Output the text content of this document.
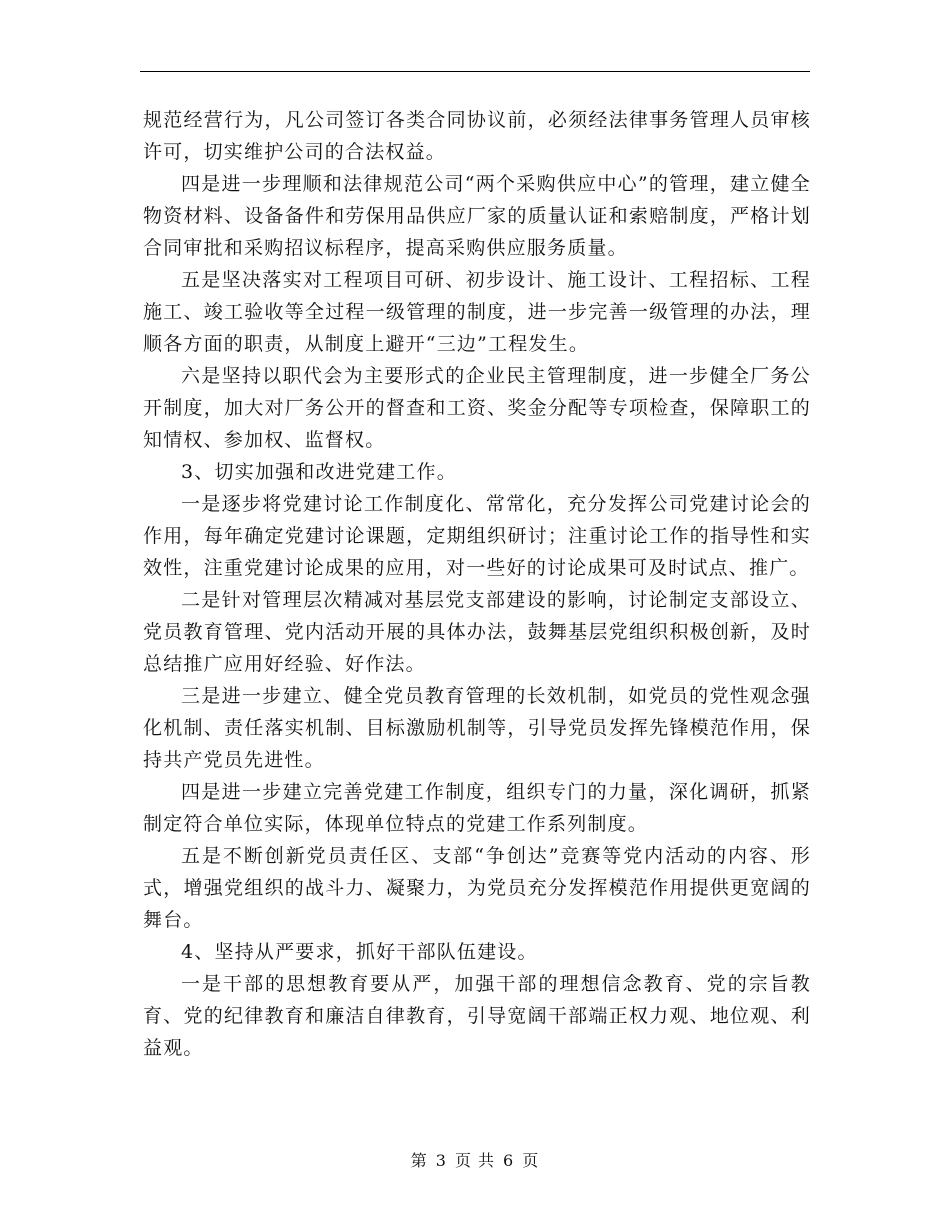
规范经营行为，凡公司签订各类合同协议前，必须经法律事务管理人员审核许可，切实维护公司的合法权益。

四是进一步理顺和法律规范公司“两个采购供应中心”的管理，建立健全物资材料、设备备件和劳保用品供应厂家的质量认证和索赔制度，严格计划合同审批和采购招议标程序，提高采购供应服务质量。

五是坚决落实对工程项目可研、初步设计、施工设计、工程招标、工程施工、竣工验收等全过程一级管理的制度，进一步完善一级管理的办法，理顺各方面的职责，从制度上避开“三边”工程发生。

六是坚持以职代会为主要形式的企业民主管理制度，进一步健全厂务公开制度，加大对厂务公开的督查和工资、奖金分配等专项检查，保障职工的知情权、参加权、监督权。

3、切实加强和改进党建工作。

一是逐步将党建讨论工作制度化、常常化，充分发挥公司党建讨论会的作用，每年确定党建讨论课题，定期组织研讨；注重讨论工作的指导性和实效性，注重党建讨论成果的应用，对一些好的讨论成果可及时试点、推广。

二是针对管理层次精减对基层党支部建设的影响，讨论制定支部设立、党员教育管理、党内活动开展的具体办法，鼓舞基层党组织积极创新，及时总结推广应用好经验、好作法。

三是进一步建立、健全党员教育管理的长效机制，如党员的党性观念强化机制、责任落实机制、目标激励机制等，引导党员发挥先锋模范作用，保持共产党员先进性。

四是进一步建立完善党建工作制度，组织专门的力量，深化调研，抓紧制定符合单位实际，体现单位特点的党建工作系列制度。

五是不断创新党员责任区、支部“争创达”竞赛等党内活动的内容、形式，增强党组织的战斗力、凝聚力，为党员充分发挥模范作用提供更宽阔的舞台。

4、坚持从严要求，抓好干部队伍建设。

一是干部的思想教育要从严，加强干部的理想信念教育、党的宗旨教育、党的纪律教育和廉洁自律教育，引导宽阔干部端正权力观、地位观、利益观。

第 3 页 共 6 页
